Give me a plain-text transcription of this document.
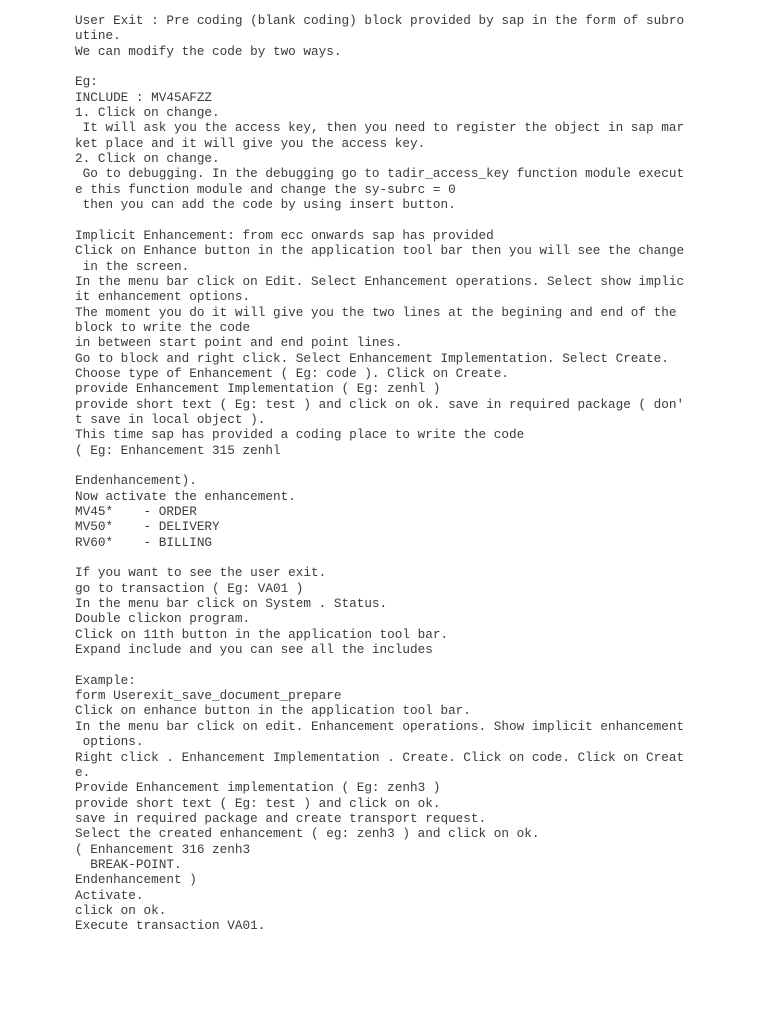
User Exit : Pre coding (blank coding) block provided by sap in the form of subro
utine.
We can modify the code by two ways.
Eg:
INCLUDE : MV45AFZZ
1. Click on change.
It will ask you the access key, then you need to register the object in sap mar
ket place and it will give you the access key.
2. Click on change.
Go to debugging. In the debugging go to tadir_access_key function module execut
e this function module and change the sy-subrc = 0
then you can add the code by using insert button.
Implicit Enhancement: from ecc onwards sap has provided
Click on Enhance button in the application tool bar then you will see the change
in the screen.
In the menu bar click on Edit. Select Enhancement operations. Select show implic
it enhancement options.
The moment you do it will give you the two lines at the begining and end of the
block to write the code
in between start point and end point lines.
Go to block and right click. Select Enhancement Implementation. Select Create.
Choose type of Enhancement ( Eg: code ). Click on Create.
provide Enhancement Implementation ( Eg: zenhl )
provide short text ( Eg: test ) and click on ok. save in required package ( don'
t save in local object ).
This time sap has provided a coding place to write the code
( Eg: Enhancement 315 zenhl
Endenhancement).
Now activate the enhancement.
MV45*    - ORDER
MV50*    - DELIVERY
RV60*    - BILLING
If you want to see the user exit.
go to transaction ( Eg: VA01 )
In the menu bar click on System . Status.
Double clickon program.
Click on 11th button in the application tool bar.
Expand include and you can see all the includes
Example:
form Userexit_save_document_prepare
Click on enhance button in the application tool bar.
In the menu bar click on edit. Enhancement operations. Show implicit enhancement
options.
Right click . Enhancement Implementation . Create. Click on code. Click on Creat
e.
Provide Enhancement implementation ( Eg: zenh3 )
provide short text ( Eg: test ) and click on ok.
save in required package and create transport request.
Select the created enhancement ( eg: zenh3 ) and click on ok.
( Enhancement 316 zenh3
BREAK-POINT.
Endenhancement )
Activate.
click on ok.
Execute transaction VA01.
